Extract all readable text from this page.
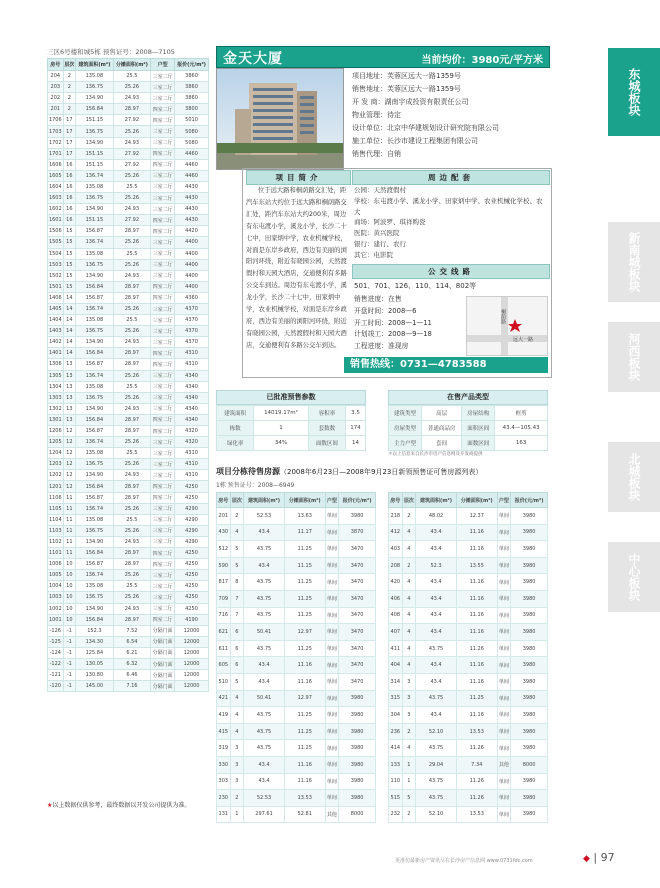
三区6号楼和城5栋 预售证号：2008—7105
房号	层次	建筑面积(m²)	分摊面积(m²)	户型	报价(元/m²)
204	2	135.08	25.5	三室二厅	3860
203	2	136.75	25.26	三室二厅	3860
202	2	134.90	24.93	三室二厅	3860
201	2	156.84	28.97	四室二厅	3800
1706	17	151.15	27.92	四室二厅	5010
1703	17	136.75	25.26	三室二厅	5080
1702	17	134.90	24.93	三室二厅	5080
1701	17	151.15	27.92	四室二厅	4460
1606	16	151.15	27.92	四室二厅	4460
1605	16	136.74	25.26	三室二厅	4460
1604	16	135.08	25.5	三室二厅	4430
1603	16	136.75	25.26	三室二厅	4430
1602	16	134.90	24.93	三室二厅	4430
1601	16	151.15	27.92	四室二厅	4430
1506	15	156.87	28.97	四室二厅	4420
1505	15	136.74	25.26	三室二厅	4400
1504	15	135.08	25.5	三室二厅	4400
1503	15	136.75	25.26	三室二厅	4400
1502	15	134.90	24.93	三室二厅	4400
1501	15	156.84	28.97	四室二厅	4400
1406	14	156.87	28.97	四室二厅	4360
1405	14	136.74	25.26	三室二厅	4370
1404	14	135.08	25.5	三室二厅	4370
1403	14	136.75	25.26	三室二厅	4370
1402	14	134.90	24.93	三室二厅	4370
1401	14	156.84	28.97	四室二厅	4310
1306	13	156.87	28.97	四室二厅	4310
1305	13	136.74	25.26	三室二厅	4340
1304	13	135.08	25.5	三室二厅	4340
1303	13	136.75	25.26	三室二厅	4340
1302	13	134.90	24.93	三室二厅	4340
1301	13	156.84	28.97	四室二厅	4340
1206	12	156.87	28.97	四室二厅	4320
1205	12	136.74	25.26	三室二厅	4320
1204	12	135.08	25.5	三室二厅	4310
1203	12	136.75	25.26	三室二厅	4310
1202	12	134.90	24.93	三室二厅	4310
1201	12	156.84	28.97	四室二厅	4250
1106	11	156.87	28.97	四室二厅	4250
1105	11	136.74	25.26	三室二厅	4290
1104	11	135.08	25.5	三室二厅	4290
1103	11	136.75	25.26	三室二厅	4290
1102	11	134.90	24.93	三室二厅	4290
1101	11	156.84	28.97	四室二厅	4250
1006	10	156.87	28.97	四室二厅	4250
1005	10	136.74	25.26	三室二厅	4250
1004	10	135.08	25.5	三室二厅	4250
1003	10	136.75	25.26	三室二厅	4250
1002	10	134.90	24.93	三室二厅	4250
1001	10	156.84	28.97	四室二厅	4190
-126	-1	152.3	7.52	分隔门面	12000
-125	-1	134.30	6.54	分隔门面	12000
-124	-1	125.84	6.21	分隔门面	12000
-122	-1	130.05	6.32	分隔门面	12000
-121	-1	130.80	6.46	分隔门面	12000
-120	-1	145.00	7.16	分隔门面	12000
★以上数据仅供参考，最终数据以开发公司提供为准。
金天大厦	当前均价：3980元/平方米
项目地址：芙蓉区远大一路1359号
销售地址：芙蓉区远大一路1359号
开 发 商：湖南宇成投资有限责任公司
物业管理：待定
设计单位：北京中华建规划设计研究院有限公司
施工单位：长沙市建设工程集团有限公司
销售代理：自销
项目简介
位于远大路和桐荫路交汇处，距汽车东站大约位于远大路和桐荫路交汇处，距汽车东站大约200米，周边有东屯渡小学，溪龙小学，长沙二十七中，田家炳中学，农业机械学校，对面是东岸乡政府，西边有美丽的浏阳河环绕，附近有晓园公园，天然渡假村和天园大酒店，交通便利有多路公交车到达。周边有东屯渡小学，溪龙小学，长沙二十七中，田家炳中学，农业机械学校，对面是东岸乡政府，西边有美丽的浏阳河环绕，附近有晓园公园，天然渡假村和天园大酒店，交通便利有多路公交车到达。
周边配套
公园：天然渡假村
学校：东屯渡小学、溪龙小学、田家炳中学、农业机械化学校、农大
商场：阿波罗、琪祥购瓷
医院：黄兴医院
银行：建行、农行
其它：电影院
公交线路
501、701、126、110、114、802等
销售进度：在售
开盘时间：2008—6
开工时间：2008—1—11
计划竣工：2008—9—18
工程进度：准现房
远大一路
桐荫路
销售热线：0731—4783588
已批准预售参数
建筑面积	14019.17m²	容积率	3.5
栋数	1	套数数	174
绿化率	34%	面数区间	14
在售产品类型
建筑类型	高层	房屋结构	框剪
房屋类型	普通商品房	面积区间	43.4—105.43
主力户型	套间	面数区间	163
＊以上信息来自长沙市房产信息网及开发商提供
项目分栋待售房源（2008年6月23日—2008年9月23日新领预售证可售房源列表）
1栋 预售证号：2008—6949
房号	层次	建筑面积(m²)	分摊面积(m²)	户型	报价(元/m²)
201	2	52.53	13.63	单间	3980
430	4	43.4	11.17	单间	3870
512	5	43.75	11.25	单间	3470
590	5	43.4	11.15	单间	3470
817	8	43.75	11.25	单间	3470
709	7	43.75	11.25	单间	3470
716	7	43.75	11.25	单间	3470
621	6	50.41	12.97	单间	3470
611	6	43.75	11.25	单间	3470
605	6	43.4	11.16	单间	3470
510	5	43.4	11.16	单间	3470
421	4	50.41	12.97	单间	3980
419	4	43.75	11.25	单间	3980
415	4	43.75	11.25	单间	3980
319	3	43.75	11.25	单间	3980
330	3	43.4	11.16	单间	3980
303	3	43.4	11.16	单间	3980
230	2	52.53	13.53	单间	3980
131	1	297.61	52.81	其他	8000
房号	层次	建筑面积(m²)	分摊面积(m²)	户型	报价(元/m²)
218	2	48.02	12.37	单间	3980
412	4	43.4	11.16	单间	3980
403	4	43.4	11.16	单间	3980
208	2	52.3	13.55	单间	3980
420	4	43.4	11.16	单间	3980
406	4	43.4	11.16	单间	3980
408	4	43.4	11.16	单间	3980
407	4	43.4	11.16	单间	3980
411	4	43.75	11.26	单间	3980
404	4	43.4	11.16	单间	3980
314	3	43.4	11.16	单间	3980
315	3	43.75	11.25	单间	3980
304	3	43.4	11.16	单间	3980
236	2	52.10	13.53	单间	3980
414	4	43.75	11.26	单间	3980
133	1	29.04	7.34	其他	8000
110	1	43.75	11.26	单间	3980
515	5	43.75	11.26	单间	3980
232	2	52.10	13.53	单间	3980
东城板块
新南城板块
河西板块
北城板块
中心板块
更准仿最新房产资讯尽在长沙房产信息网 www.0731fdc.com	◆ | 97
